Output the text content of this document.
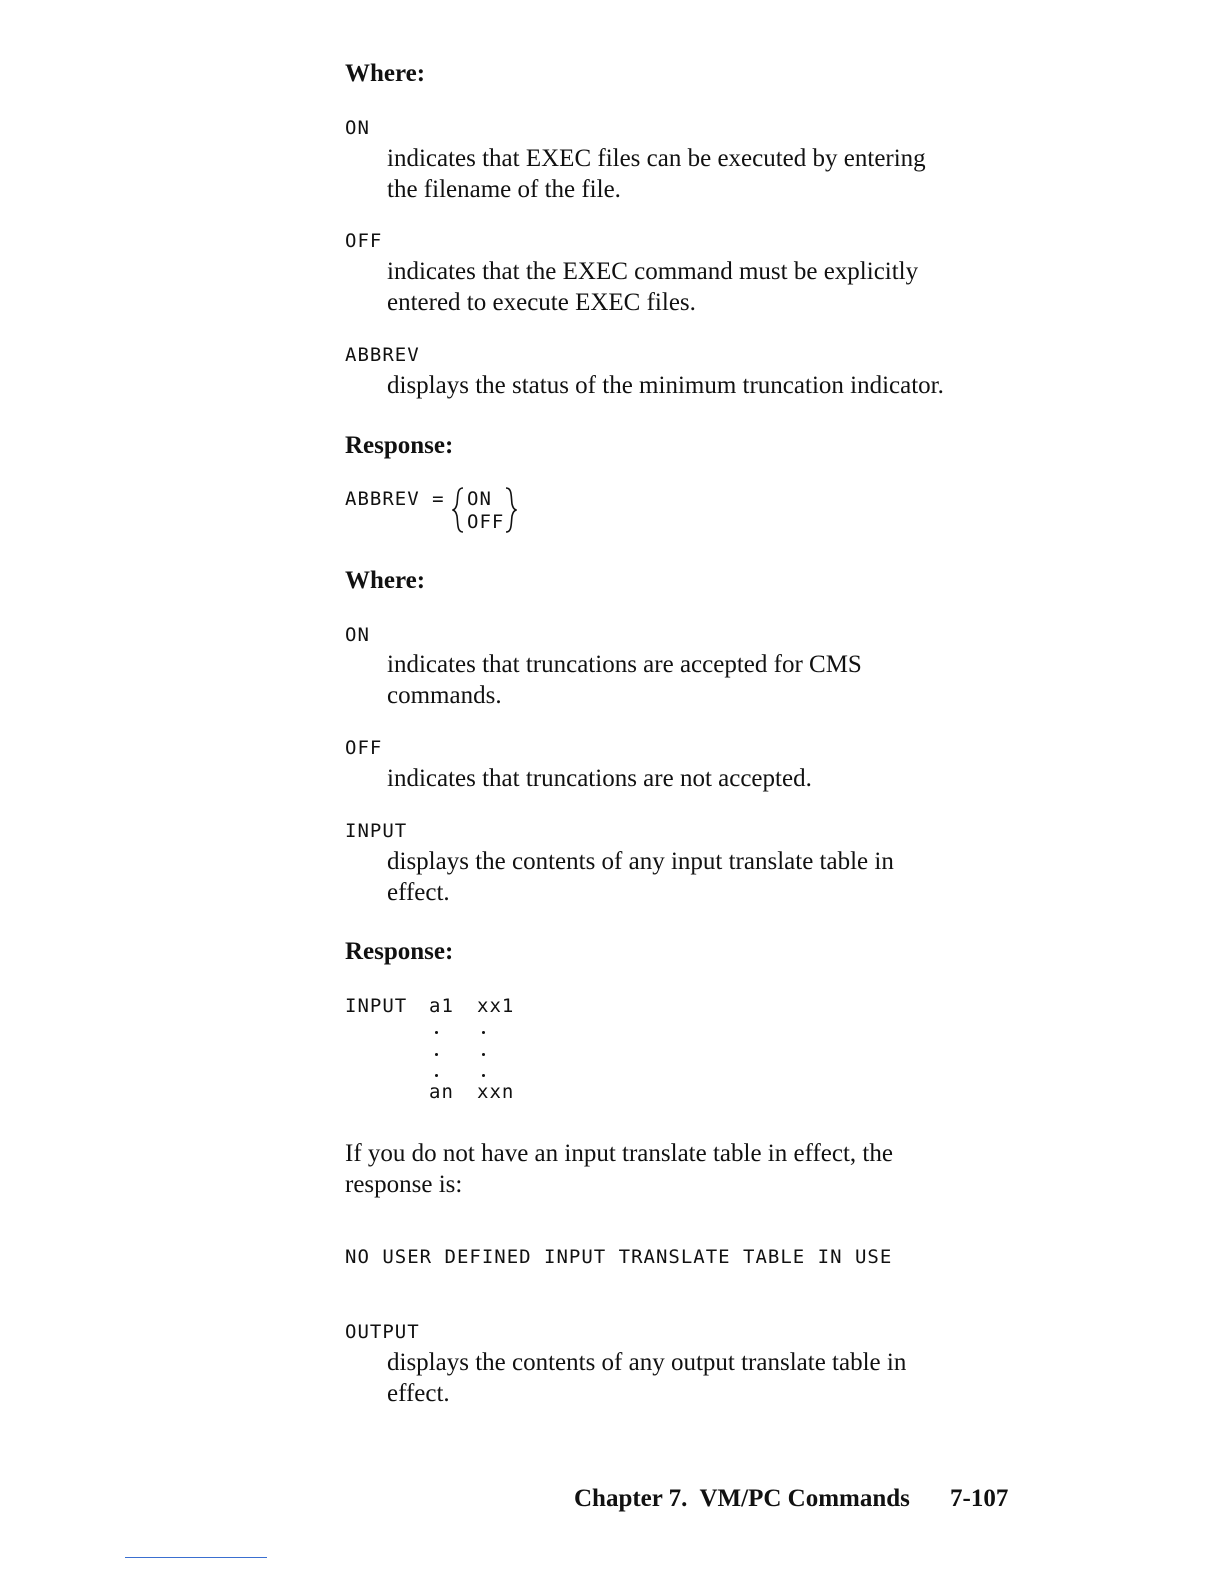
Where:
ON
indicates that EXEC files can be executed by entering
the filename of the file.
OFF
indicates that the EXEC command must be explicitly
entered to execute EXEC files.
ABBREV
displays the status of the minimum truncation indicator.
Response:
ABBREV = ON
OFF
Where:
ON
indicates that truncations are accepted for CMS
commands.
OFF
indicates that truncations are not accepted.
INPUT
displays the contents of any input translate table in
effect.
Response:
INPUT a1 xx1
an xxn
If you do not have an input translate table in effect, the
response is:
NO USER DEFINED INPUT TRANSLATE TABLE IN USE
OUTPUT
displays the contents of any output translate table in
effect.
Chapter 7.  VM/PC Commands 7-107
